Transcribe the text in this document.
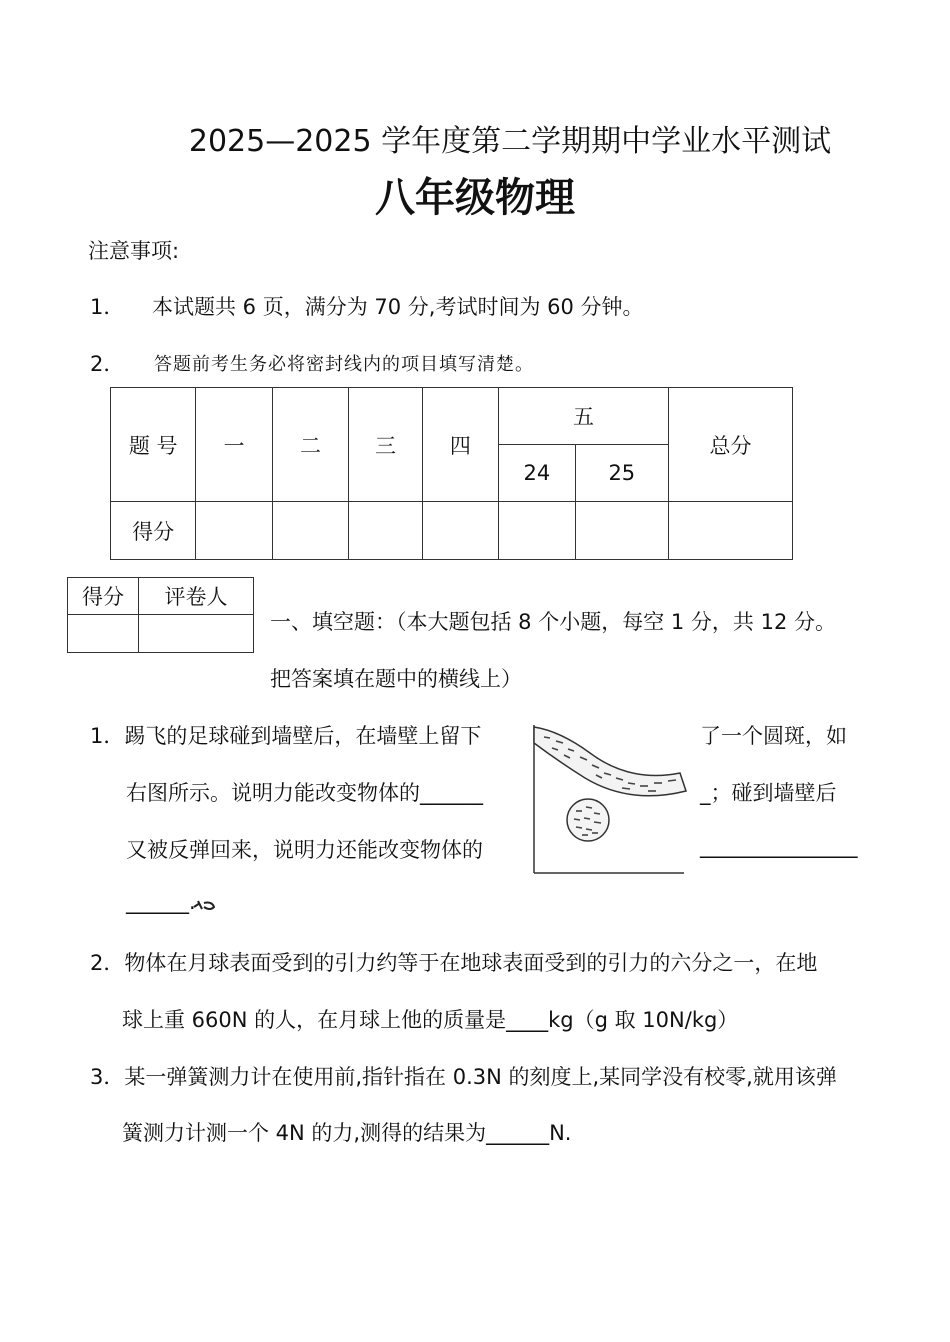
2025—2025 学年度第二学期期中学业水平测试
八年级物理
注意事项:
1． 本试题共 6 页，满分为 70 分,考试时间为 60 分钟。
2． 答题前考生务必将密封线内的项目填写清楚。
题 号	一	二	三	四	五		总分
					24	25	
得分							
得分	评卷人

一、填空题：（本大题包括 8 个小题，每空 1 分，共 12 分。
把答案填在题中的横线上）
1．踢飞的足球碰到墙壁后，在墙壁上留下	了一个圆斑，如
右图所示。说明力能改变物体的______	_；碰到墙壁后
又被反弹回来，说明力还能改变物体的	_______________
______.
2．物体在月球表面受到的引力约等于在地球表面受到的引力的六分之一，在地
球上重 660N 的人，在月球上他的质量是____kg（g 取 10N/kg）
3．某一弹簧测力计在使用前,指针指在 0.3N 的刻度上,某同学没有校零,就用该弹
簧测力计测一个 4N 的力,测得的结果为______N.
